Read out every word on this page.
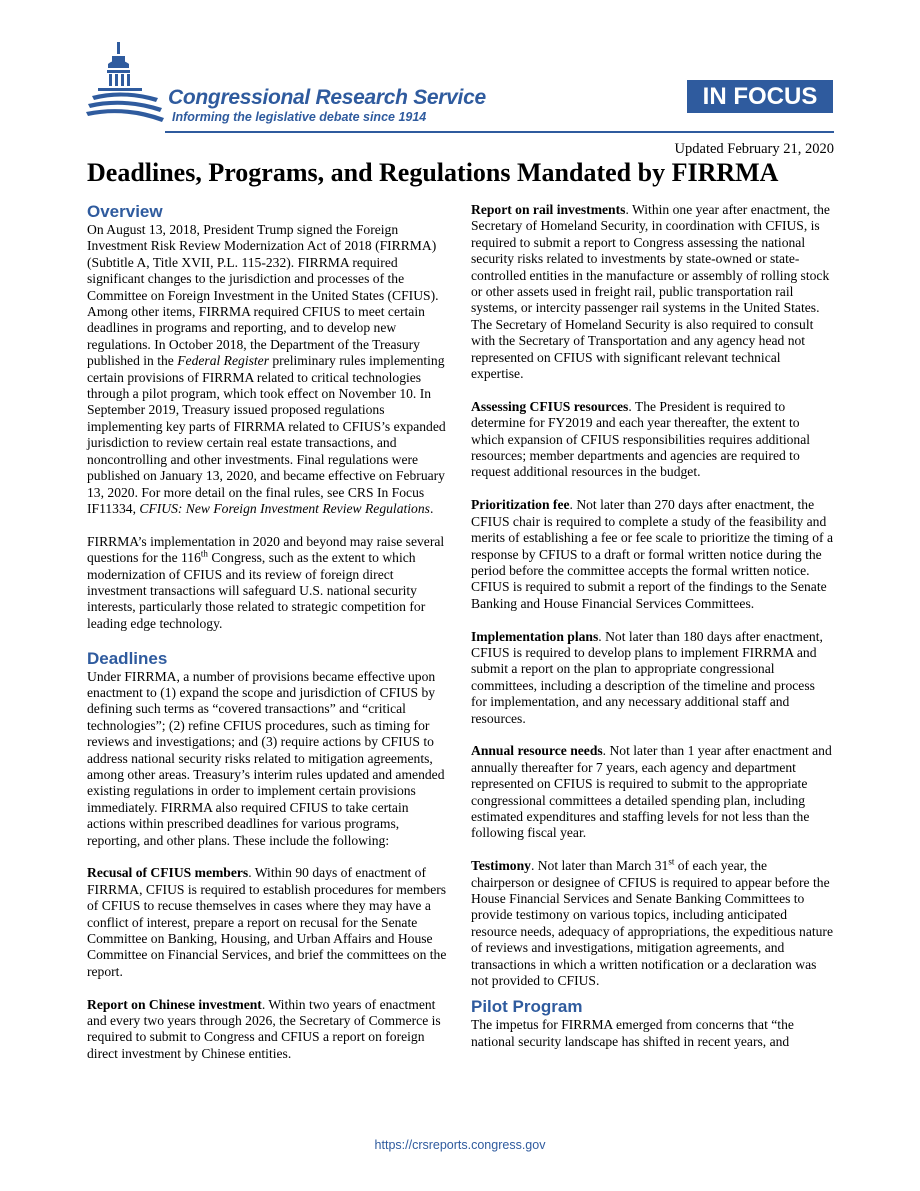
Congressional Research Service
Informing the legislative debate since 1914
IN FOCUS
Updated February 21, 2020
Deadlines, Programs, and Regulations Mandated by FIRRMA
Overview

On August 13, 2018, President Trump signed the Foreign Investment Risk Review Modernization Act of 2018 (FIRRMA) (Subtitle A, Title XVII, P.L. 115-232). FIRRMA required significant changes to the jurisdiction and processes of the Committee on Foreign Investment in the United States (CFIUS). Among other items, FIRRMA required CFIUS to meet certain deadlines in programs and reporting, and to develop new regulations. In October 2018, the Department of the Treasury published in the Federal Register preliminary rules implementing certain provisions of FIRRMA related to critical technologies through a pilot program, which took effect on November 10. In September 2019, Treasury issued proposed regulations implementing key parts of FIRRMA related to CFIUS’s expanded jurisdiction to review certain real estate transactions, and noncontrolling and other investments. Final regulations were published on January 13, 2020, and became effective on February 13, 2020. For more detail on the final rules, see CRS In Focus IF11334, CFIUS: New Foreign Investment Review Regulations.

FIRRMA’s implementation in 2020 and beyond may raise several questions for the 116th Congress, such as the extent to which modernization of CFIUS and its review of foreign direct investment transactions will safeguard U.S. national security interests, particularly those related to strategic competition for leading edge technology.

Deadlines

Under FIRRMA, a number of provisions became effective upon enactment to (1) expand the scope and jurisdiction of CFIUS by defining such terms as “covered transactions” and “critical technologies”; (2) refine CFIUS procedures, such as timing for reviews and investigations; and (3) require actions by CFIUS to address national security risks related to mitigation agreements, among other areas. Treasury’s interim rules updated and amended existing regulations in order to implement certain provisions immediately. FIRRMA also required CFIUS to take certain actions within prescribed deadlines for various programs, reporting, and other plans. These include the following:

Recusal of CFIUS members. Within 90 days of enactment of FIRRMA, CFIUS is required to establish procedures for members of CFIUS to recuse themselves in cases where they may have a conflict of interest, prepare a report on recusal for the Senate Committee on Banking, Housing, and Urban Affairs and House Committee on Financial Services, and brief the committees on the report.

Report on Chinese investment. Within two years of enactment and every two years through 2026, the Secretary of Commerce is required to submit to Congress and CFIUS a report on foreign direct investment by Chinese entities.

Report on rail investments. Within one year after enactment, the Secretary of Homeland Security, in coordination with CFIUS, is required to submit a report to Congress assessing the national security risks related to investments by state-owned or state-controlled entities in the manufacture or assembly of rolling stock or other assets used in freight rail, public transportation rail systems, or intercity passenger rail systems in the United States. The Secretary of Homeland Security is also required to consult with the Secretary of Transportation and any agency head not represented on CFIUS with significant relevant technical expertise.

Assessing CFIUS resources. The President is required to determine for FY2019 and each year thereafter, the extent to which expansion of CFIUS responsibilities requires additional resources; member departments and agencies are required to request additional resources in the budget.

Prioritization fee. Not later than 270 days after enactment, the CFIUS chair is required to complete a study of the feasibility and merits of establishing a fee or fee scale to prioritize the timing of a response by CFIUS to a draft or formal written notice during the period before the committee accepts the formal written notice. CFIUS is required to submit a report of the findings to the Senate Banking and House Financial Services Committees.

Implementation plans. Not later than 180 days after enactment, CFIUS is required to develop plans to implement FIRRMA and submit a report on the plan to appropriate congressional committees, including a description of the timeline and process for implementation, and any necessary additional staff and resources.

Annual resource needs. Not later than 1 year after enactment and annually thereafter for 7 years, each agency and department represented on CFIUS is required to submit to the appropriate congressional committees a detailed spending plan, including estimated expenditures and staffing levels for not less than the following fiscal year.

Testimony. Not later than March 31st of each year, the chairperson or designee of CFIUS is required to appear before the House Financial Services and Senate Banking Committees to provide testimony on various topics, including anticipated resource needs, adequacy of appropriations, the expeditious nature of reviews and investigations, mitigation agreements, and transactions in which a written notification or a declaration was not provided to CFIUS.

Pilot Program

The impetus for FIRRMA emerged from concerns that “the national security landscape has shifted in recent years, and

https://crsreports.congress.gov
